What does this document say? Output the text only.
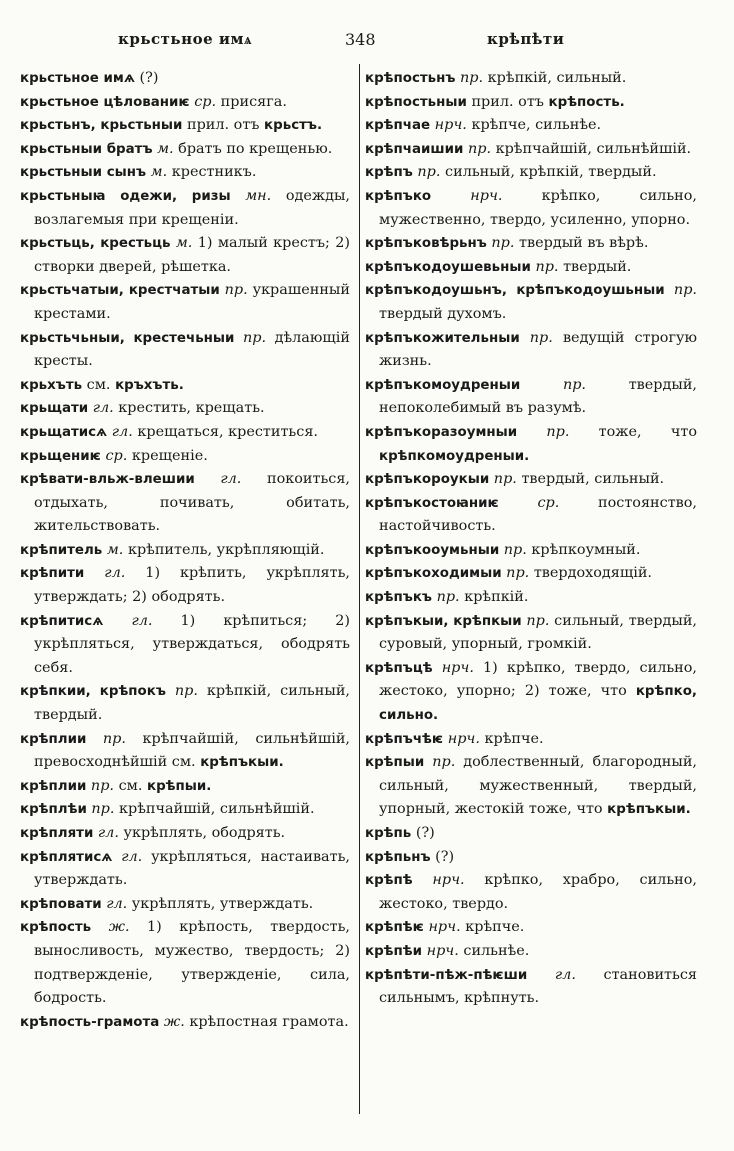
крьстьное имѧ	348	крѣпѣти

крьстьное имѧ (?)

крьстьное цѣлованиѥ ср. присяга.

крьстьнъ, крьстьныи прил. отъ крьстъ.

крьстьныи братъ м. братъ по крещенью.

крьстьныи сынъ м. крестникъ.

крьстьныꙗ одежи, ризы мн. одежды, возлагемыя при крещеніи.

крьстьць, крестьць м. 1) малый крестъ; 2) створки дверей, рѣшетка.

крьстьчатыи, крестчатыи пр. украшенный крестами.

крьстьчьныи, крестечьныи пр. дѣлающій кресты.

крьхъть см. кръхъть.

крьщати гл. крестить, крещать.

крьщатисѧ гл. крещаться, креститься.

крьщениѥ ср. крещеніе.

крѣвати-вльж-влешии гл. покоиться, отдыхать, почивать, обитать, жительствовать.

крѣпитель м. крѣпитель, укрѣпляющій.

крѣпити гл. 1) крѣпить, укрѣплять, утверждать; 2) ободрять.

крѣпитисѧ гл. 1) крѣпиться; 2) укрѣпляться, утверждаться, ободрять себя.

крѣпкии, крѣпокъ пр. крѣпкій, сильный, твердый.

крѣплии пр. крѣпчайшій, сильнѣйшій, превосходнѣйшій см. крѣпъкыи.

крѣплии пр. см. крѣпыи.

крѣплѣи пр. крѣпчайшій, сильнѣйшій.

крѣпляти гл. укрѣплять, ободрять.

крѣплятисѧ гл. укрѣпляться, настаивать, утверждать.

крѣповати гл. укрѣплять, утверждать.

крѣпость ж. 1) крѣпость, твердость, выносливость, мужество, твердость; 2) подтвержденіе, утвержденіе, сила, бодрость.

крѣпость-грамота ж. крѣпостная грамота.

крѣпостьнъ пр. крѣпкій, сильный.

крѣпостьныи прил. отъ крѣпость.

крѣпчае нрч. крѣпче, сильнѣе.

крѣпчаишии пр. крѣпчайшій, сильнѣйшій.

крѣпъ пр. сильный, крѣпкій, твердый.

крѣпъко нрч. крѣпко, сильно, мужественно, твердо, усиленно, упорно.

крѣпъковѣрьнъ пр. твердый въ вѣрѣ.

крѣпъкодоушевьныи пр. твердый.

крѣпъкодоушьнъ, крѣпъкодоушьныи пр. твердый духомъ.

крѣпъкожительныи пр. ведущій строгую жизнь.

крѣпъкомоудреныи пр. твердый, непоколебимый въ разумѣ.

крѣпъкоразоумныи пр. тоже, что крѣпкомоудреныи.

крѣпъкороукыи пр. твердый, сильный.

крѣпъкостоꙗниѥ ср. постоянство, настойчивость.

крѣпъкооумьныи пр. крѣпкоумный.

крѣпъкоходимыи пр. твердоходящій.

крѣпъкъ пр. крѣпкій.

крѣпъкыи, крѣпкыи пр. сильный, твердый, суровый, упорный, громкій.

крѣпъцѣ нрч. 1) крѣпко, твердо, сильно, жестоко, упорно; 2) тоже, что крѣпко, сильно.

крѣпъчѣѥ нрч. крѣпче.

крѣпыи пр. доблественный, благородный, сильный, мужественный, твердый, упорный, жестокій тоже, что крѣпъкыи.

крѣпь (?)

крѣпьнъ (?)

крѣпѣ нрч. крѣпко, храбро, сильно, жестоко, твердо.

крѣпѣѥ нрч. крѣпче.

крѣпѣи нрч. сильнѣе.

крѣпѣти-пѣж-пѣѥши гл. становиться сильнымъ, крѣпнуть.
